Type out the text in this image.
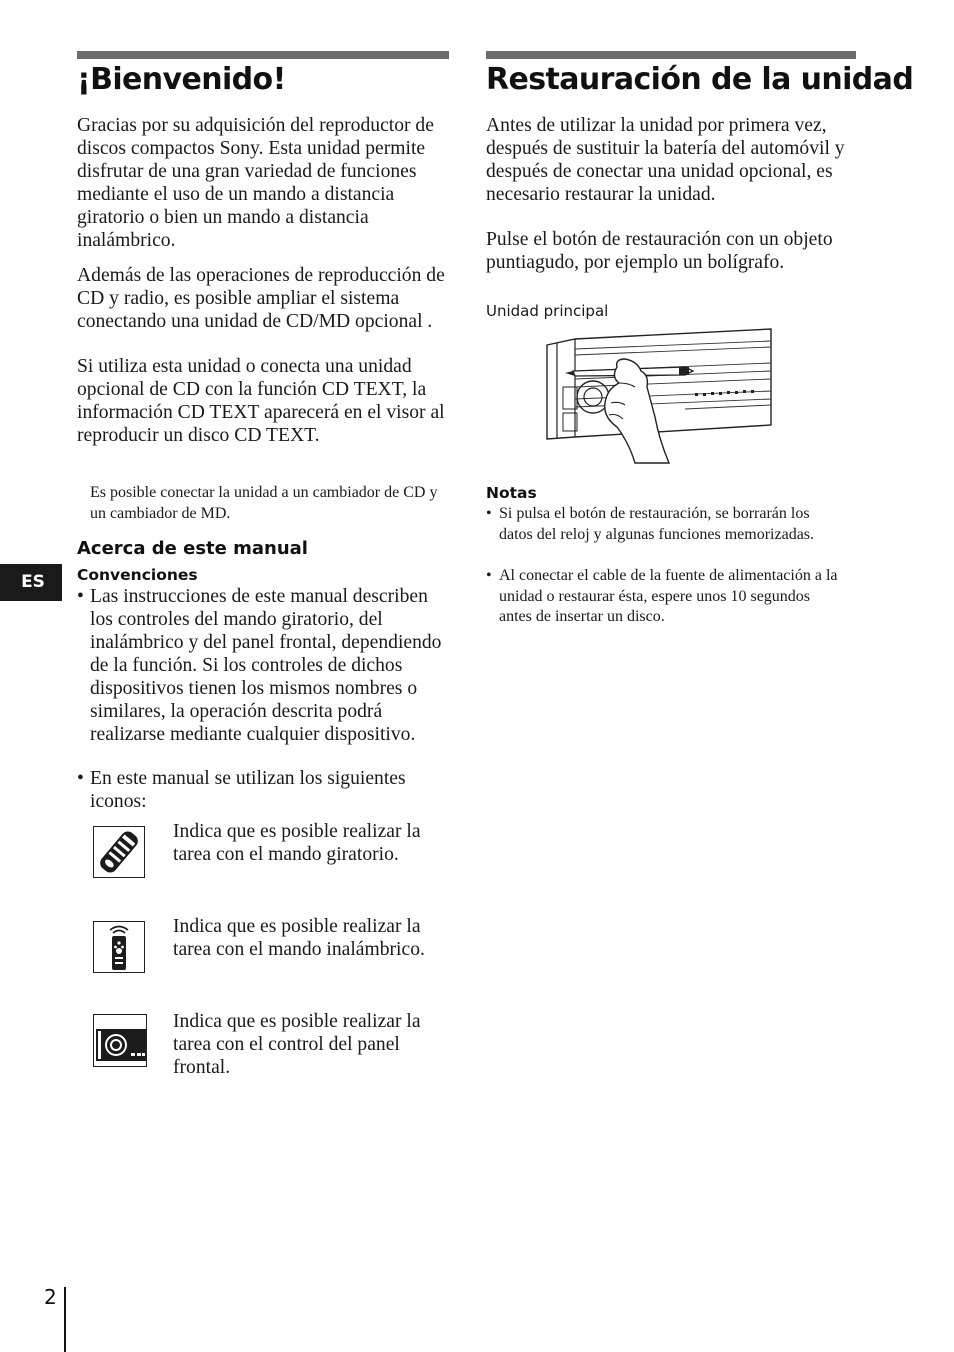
¡Bienvenido!

Gracias por su adquisición del reproductor de discos compactos Sony. Esta unidad permite disfrutar de una gran variedad de funciones mediante el uso de un mando a distancia giratorio o bien un mando a distancia inalámbrico.

Además de las operaciones de reproducción de CD y radio, es posible ampliar el sistema conectando una unidad de CD/MD opcional .

Si utiliza esta unidad o conecta una unidad opcional de CD con la función CD TEXT, la información CD TEXT aparecerá en el visor al reproducir un disco CD TEXT.

Es posible conectar la unidad a un cambiador de CD y un cambiador de MD.

Acerca de este manual
Convenciones
• Las instrucciones de este manual describen los controles del mando giratorio, del inalámbrico y del panel frontal, dependiendo de la función. Si los controles de dichos dispositivos tienen los mismos nombres o similares, la operación descrita podrá realizarse mediante cualquier dispositivo.

• En este manual se utilizan los siguientes iconos:

Indica que es posible realizar la tarea con el mando giratorio.

Indica que es posible realizar la tarea con el mando inalámbrico.

Indica que es posible realizar la tarea con el control del panel frontal.

Restauración de la unidad

Antes de utilizar la unidad por primera vez, después de sustituir la batería del automóvil y después de conectar una unidad opcional, es necesario restaurar la unidad.

Pulse el botón de restauración con un objeto puntiagudo, por ejemplo un bolígrafo.

Unidad principal

Notas
• Si pulsa el botón de restauración, se borrarán los datos del reloj y algunas funciones memorizadas.

• Al conectar el cable de la fuente de alimentación a la unidad o restaurar ésta, espere unos 10 segundos antes de insertar un disco.

ES
2
